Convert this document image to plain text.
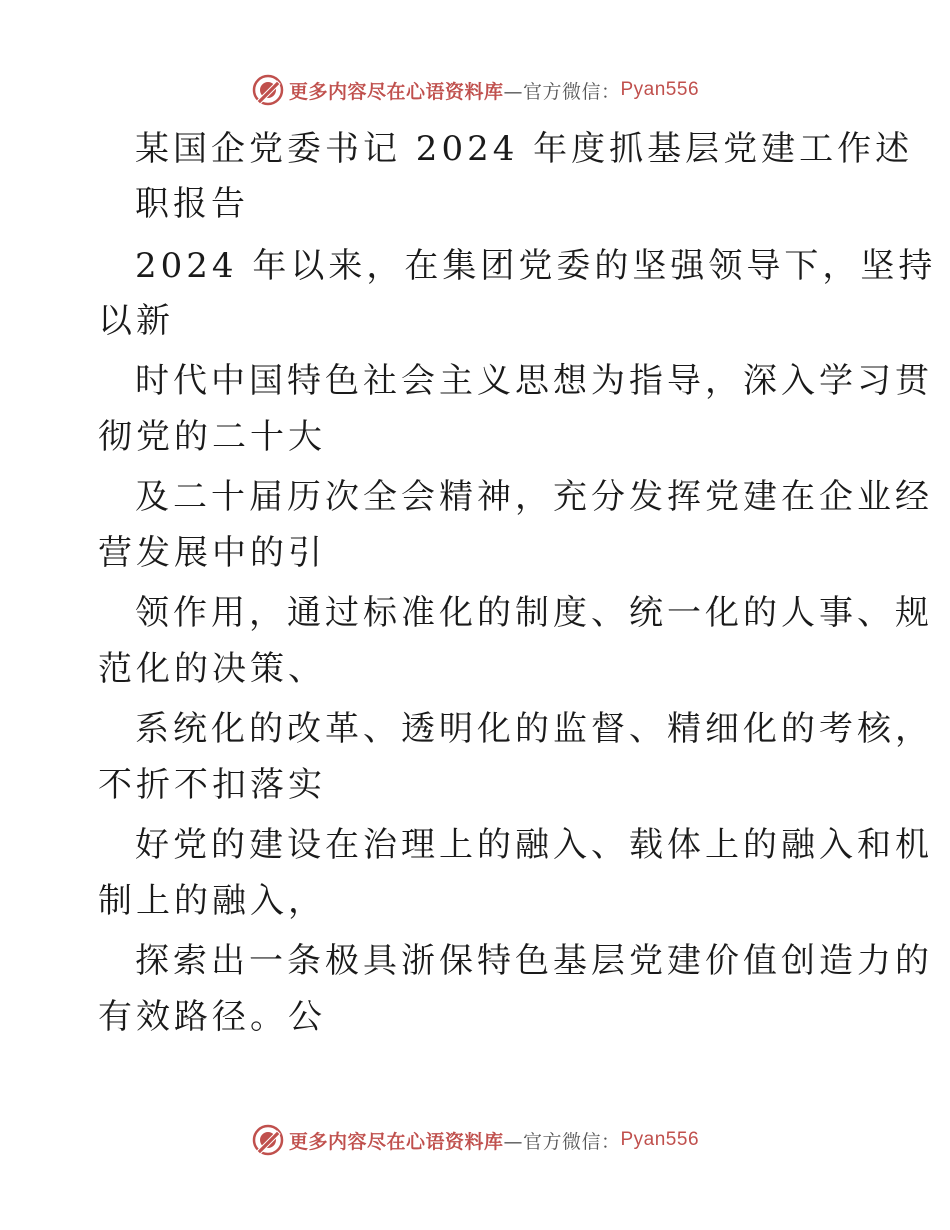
更多内容尽在心语资料库 —官方微信： Pyan556
某国企党委书记 2024 年度抓基层党建工作述
职报告
2024 年以来，在集团党委的坚强领导下，坚持
以新
时代中国特色社会主义思想为指导，深入学习贯
彻党的二十大
及二十届历次全会精神，充分发挥党建在企业经
营发展中的引
领作用，通过标准化的制度、统一化的人事、规
范化的决策、
系统化的改革、透明化的监督、精细化的考核，
不折不扣落实
好党的建设在治理上的融入、载体上的融入和机
制上的融入，
探索出一条极具浙保特色基层党建价值创造力的
有效路径。公
更多内容尽在心语资料库 —官方微信： Pyan556
